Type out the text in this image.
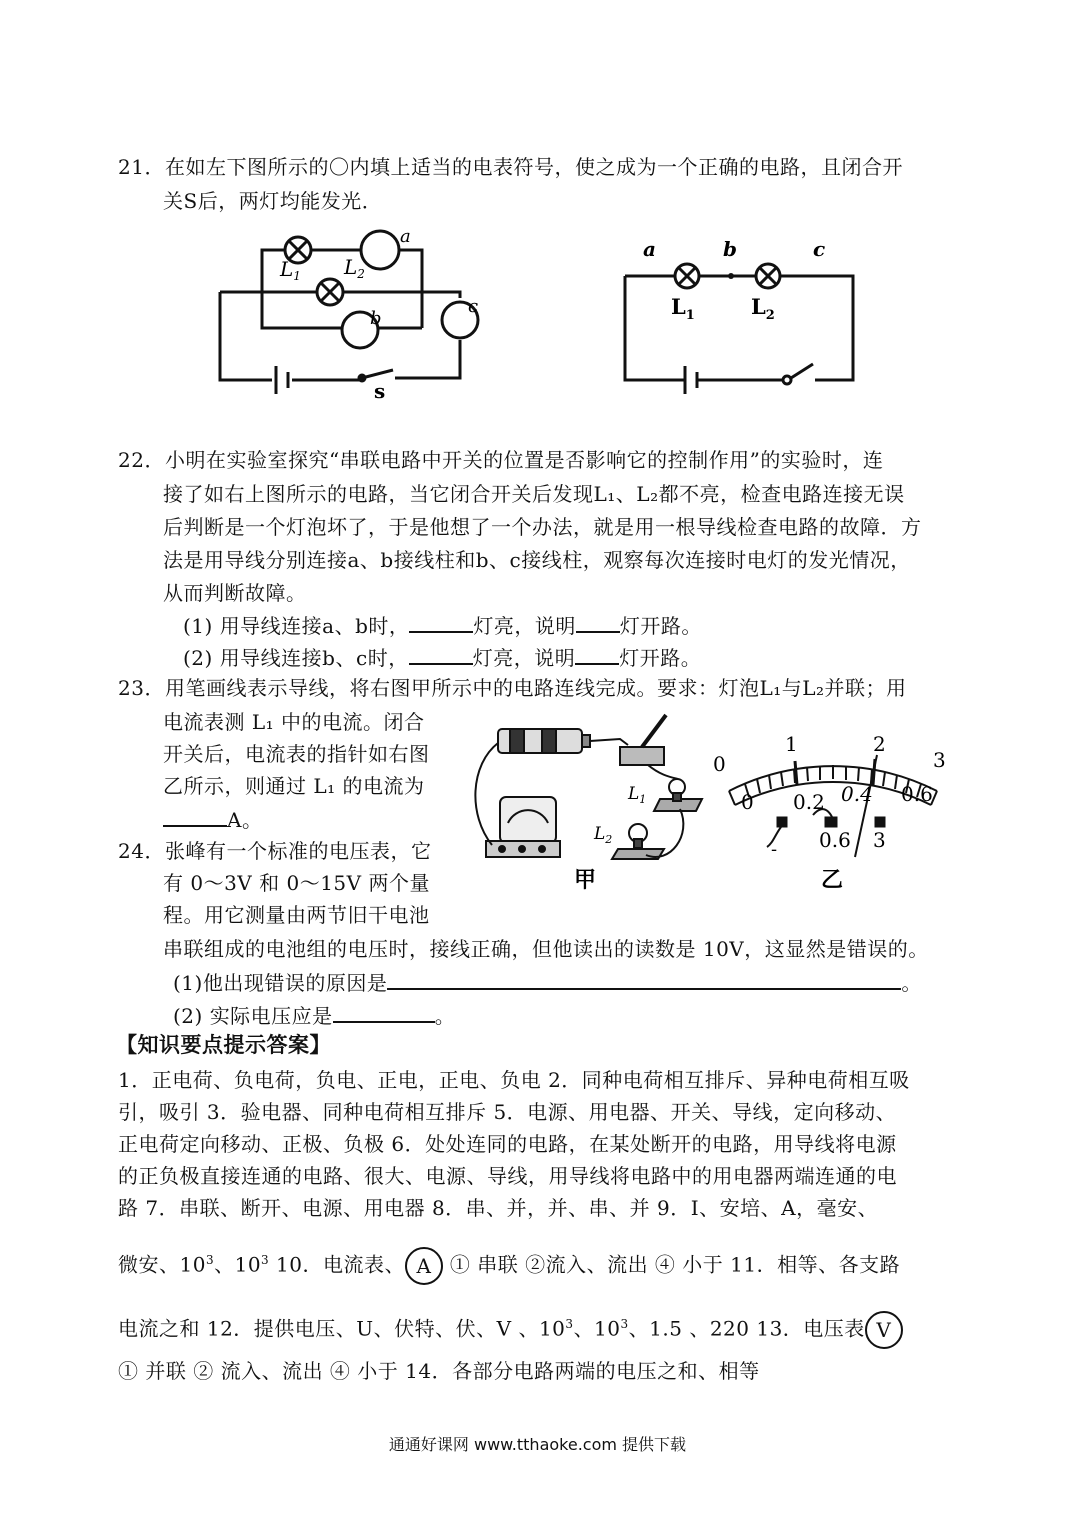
21．在如左下图所示的〇内填上适当的电表符号，使之成为一个正确的电路，且闭合开
关S后，两灯均能发光．
$L_1$ $L_2$
a
b
c
s
a	b	c
$L_1$	$L_2$
22．小明在实验室探究“串联电路中开关的位置是否影响它的控制作用”的实验时，连
接了如右上图所示的电路，当它闭合开关后发现L₁、L₂都不亮，检查电路连接无误
后判断是一个灯泡坏了，于是他想了一个办法，就是用一根导线检查电路的故障．方
法是用导线分别连接a、b接线柱和b、c接线柱，观察每次连接时电灯的发光情况，
从而判断故障。
(1) 用导线连接a、b时，	灯亮，说明 灯开路。
(2) 用导线连接b、c时，	灯亮，说明 灯开路。
23．用笔画线表示导线，将右图甲所示中的电路连线完成。要求：灯泡L₁与L₂并联；用
电流表测 L₁ 中的电流。闭合
开关后，电流表的指针如右图
乙所示，则通过 L₁ 的电流为
A。
$L_1$
$L_2$
甲
0
1	2
3
0 0.2 0.4 0.6
- 0.6 3
乙
24．张峰有一个标准的电压表，它
有 0～3V 和 0～15V 两个量
程。用它测量由两节旧干电池
串联组成的电池组的电压时，接线正确，但他读出的读数是 10V，这显然是错误的。
(1)他出现错误的原因是	。
(2) 实际电压应是	。
【知识要点提示答案】
1．正电荷、负电荷，负电、正电，正电、负电 2．同种电荷相互排斥、异种电荷相互吸
引，吸引 3．验电器、同种电荷相互排斥 5．电源、用电器、开关、导线，定向移动、
正电荷定向移动、正极、负极 6．处处连同的电路，在某处断开的电路，用导线将电源
的正负极直接连通的电路、很大、电源、导线，用导线将电路中的用电器两端连通的电
路 7．串联、断开、电源、用电器 8．串、并，并、串、并 9．I、安培、A，毫安、
微安、$10^3$、$10^3$ 10．电流表、 A ① 串联 ②流入、流出 ④ 小于 11．相等、各支路
电流之和 12．提供电压、U、伏特、伏、V 、$10^3$、$10^3$、1.5 、220 13．电压表 V
① 并联 ② 流入、流出 ④ 小于 14．各部分电路两端的电压之和、相等
通通好课网 www.tthaoke.com 提供下载
